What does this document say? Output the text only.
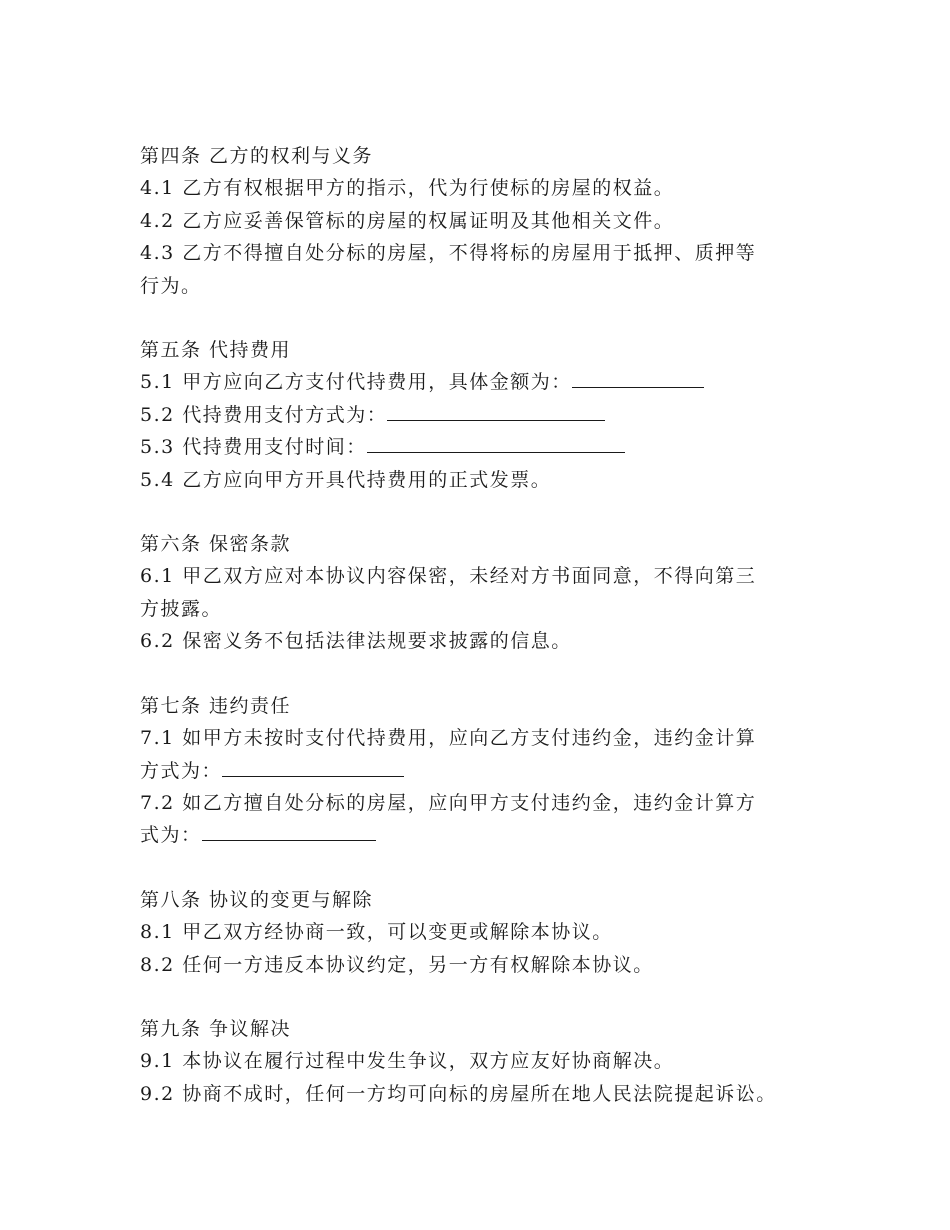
第四条 乙方的权利与义务
4.1 乙方有权根据甲方的指示，代为行使标的房屋的权益。
4.2 乙方应妥善保管标的房屋的权属证明及其他相关文件。
4.3 乙方不得擅自处分标的房屋，不得将标的房屋用于抵押、质押等
行为。
第五条 代持费用
5.1 甲方应向乙方支付代持费用，具体金额为：
5.2 代持费用支付方式为：
5.3 代持费用支付时间：
5.4 乙方应向甲方开具代持费用的正式发票。
第六条 保密条款
6.1 甲乙双方应对本协议内容保密，未经对方书面同意，不得向第三
方披露。
6.2 保密义务不包括法律法规要求披露的信息。
第七条 违约责任
7.1 如甲方未按时支付代持费用，应向乙方支付违约金，违约金计算
方式为：
7.2 如乙方擅自处分标的房屋，应向甲方支付违约金，违约金计算方
式为：
第八条 协议的变更与解除
8.1 甲乙双方经协商一致，可以变更或解除本协议。
8.2 任何一方违反本协议约定，另一方有权解除本协议。
第九条 争议解决
9.1 本协议在履行过程中发生争议，双方应友好协商解决。
9.2 协商不成时，任何一方均可向标的房屋所在地人民法院提起诉讼。
